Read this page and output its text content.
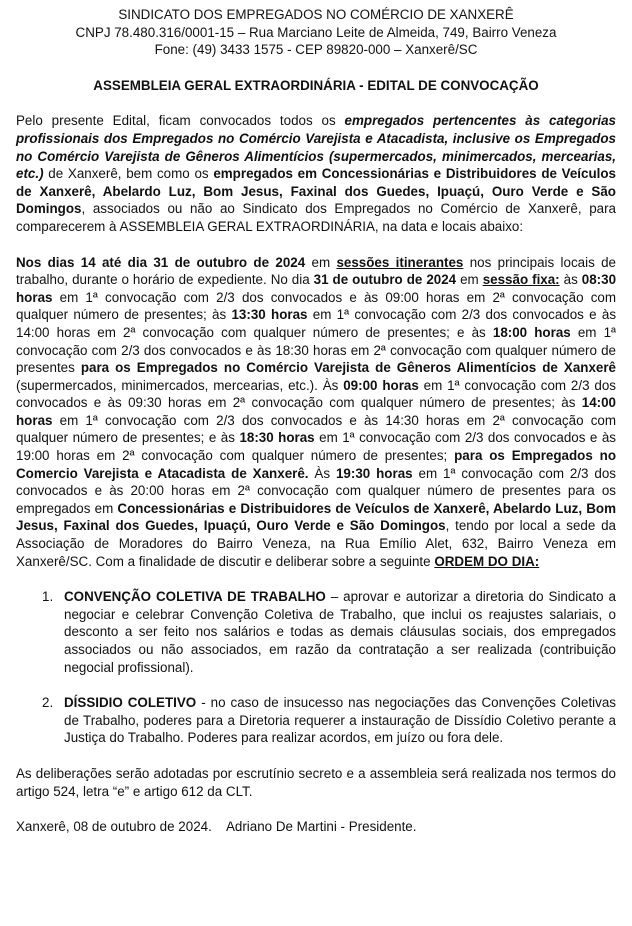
SINDICATO DOS EMPREGADOS NO COMÉRCIO DE XANXERÊ
CNPJ 78.480.316/0001-15 – Rua Marciano Leite de Almeida, 749, Bairro Veneza
Fone: (49) 3433 1575 - CEP 89820-000 – Xanxerê/SC
ASSEMBLEIA GERAL EXTRAORDINÁRIA - EDITAL DE CONVOCAÇÃO

Pelo presente Edital, ficam convocados todos os empregados pertencentes às categorias profissionais dos Empregados no Comércio Varejista e Atacadista, inclusive os Empregados no Comércio Varejista de Gêneros Alimentícios (supermercados, minimercados, mercearias, etc.) de Xanxerê, bem como os empregados em Concessionárias e Distribuidores de Veículos de Xanxerê, Abelardo Luz, Bom Jesus, Faxinal dos Guedes, Ipuaçú, Ouro Verde e São Domingos, associados ou não ao Sindicato dos Empregados no Comércio de Xanxerê, para comparecerem à ASSEMBLEIA GERAL EXTRAORDINÁRIA, na data e locais abaixo:

Nos dias 14 até dia 31 de outubro de 2024 em sessões itinerantes nos principais locais de trabalho, durante o horário de expediente. No dia 31 de outubro de 2024 em sessão fixa: às 08:30 horas em 1ª convocação com 2/3 dos convocados e às 09:00 horas em 2ª convocação com qualquer número de presentes; às 13:30 horas em 1ª convocação com 2/3 dos convocados e às 14:00 horas em 2ª convocação com qualquer número de presentes; e às 18:00 horas em 1ª convocação com 2/3 dos convocados e às 18:30 horas em 2ª convocação com qualquer número de presentes para os Empregados no Comércio Varejista de Gêneros Alimentícios de Xanxerê (supermercados, minimercados, mercearias, etc.). Às 09:00 horas em 1ª convocação com 2/3 dos convocados e às 09:30 horas em 2ª convocação com qualquer número de presentes; às 14:00 horas em 1ª convocação com 2/3 dos convocados e às 14:30 horas em 2ª convocação com qualquer número de presentes; e às 18:30 horas em 1ª convocação com 2/3 dos convocados e às 19:00 horas em 2ª convocação com qualquer número de presentes; para os Empregados no Comercio Varejista e Atacadista de Xanxerê. Às 19:30 horas em 1ª convocação com 2/3 dos convocados e às 20:00 horas em 2ª convocação com qualquer número de presentes para os empregados em Concessionárias e Distribuidores de Veículos de Xanxerê, Abelardo Luz, Bom Jesus, Faxinal dos Guedes, Ipuaçú, Ouro Verde e São Domingos, tendo por local a sede da Associação de Moradores do Bairro Veneza, na Rua Emílio Alet, 632, Bairro Veneza em Xanxerê/SC. Com a finalidade de discutir e deliberar sobre a seguinte ORDEM DO DIA:

1. CONVENÇÃO COLETIVA DE TRABALHO – aprovar e autorizar a diretoria do Sindicato a negociar e celebrar Convenção Coletiva de Trabalho, que inclui os reajustes salariais, o desconto a ser feito nos salários e todas as demais cláusulas sociais, dos empregados associados ou não associados, em razão da contratação a ser realizada (contribuição negocial profissional).
2. DÍSSIDIO COLETIVO - no caso de insucesso nas negociações das Convenções Coletivas de Trabalho, poderes para a Diretoria requerer a instauração de Dissídio Coletivo perante a Justiça do Trabalho. Poderes para realizar acordos, em juízo ou fora dele.

As deliberações serão adotadas por escrutínio secreto e a assembleia será realizada nos termos do artigo 524, letra “e” e artigo 612 da CLT.

Xanxerê, 08 de outubro de 2024.    Adriano De Martini - Presidente.
